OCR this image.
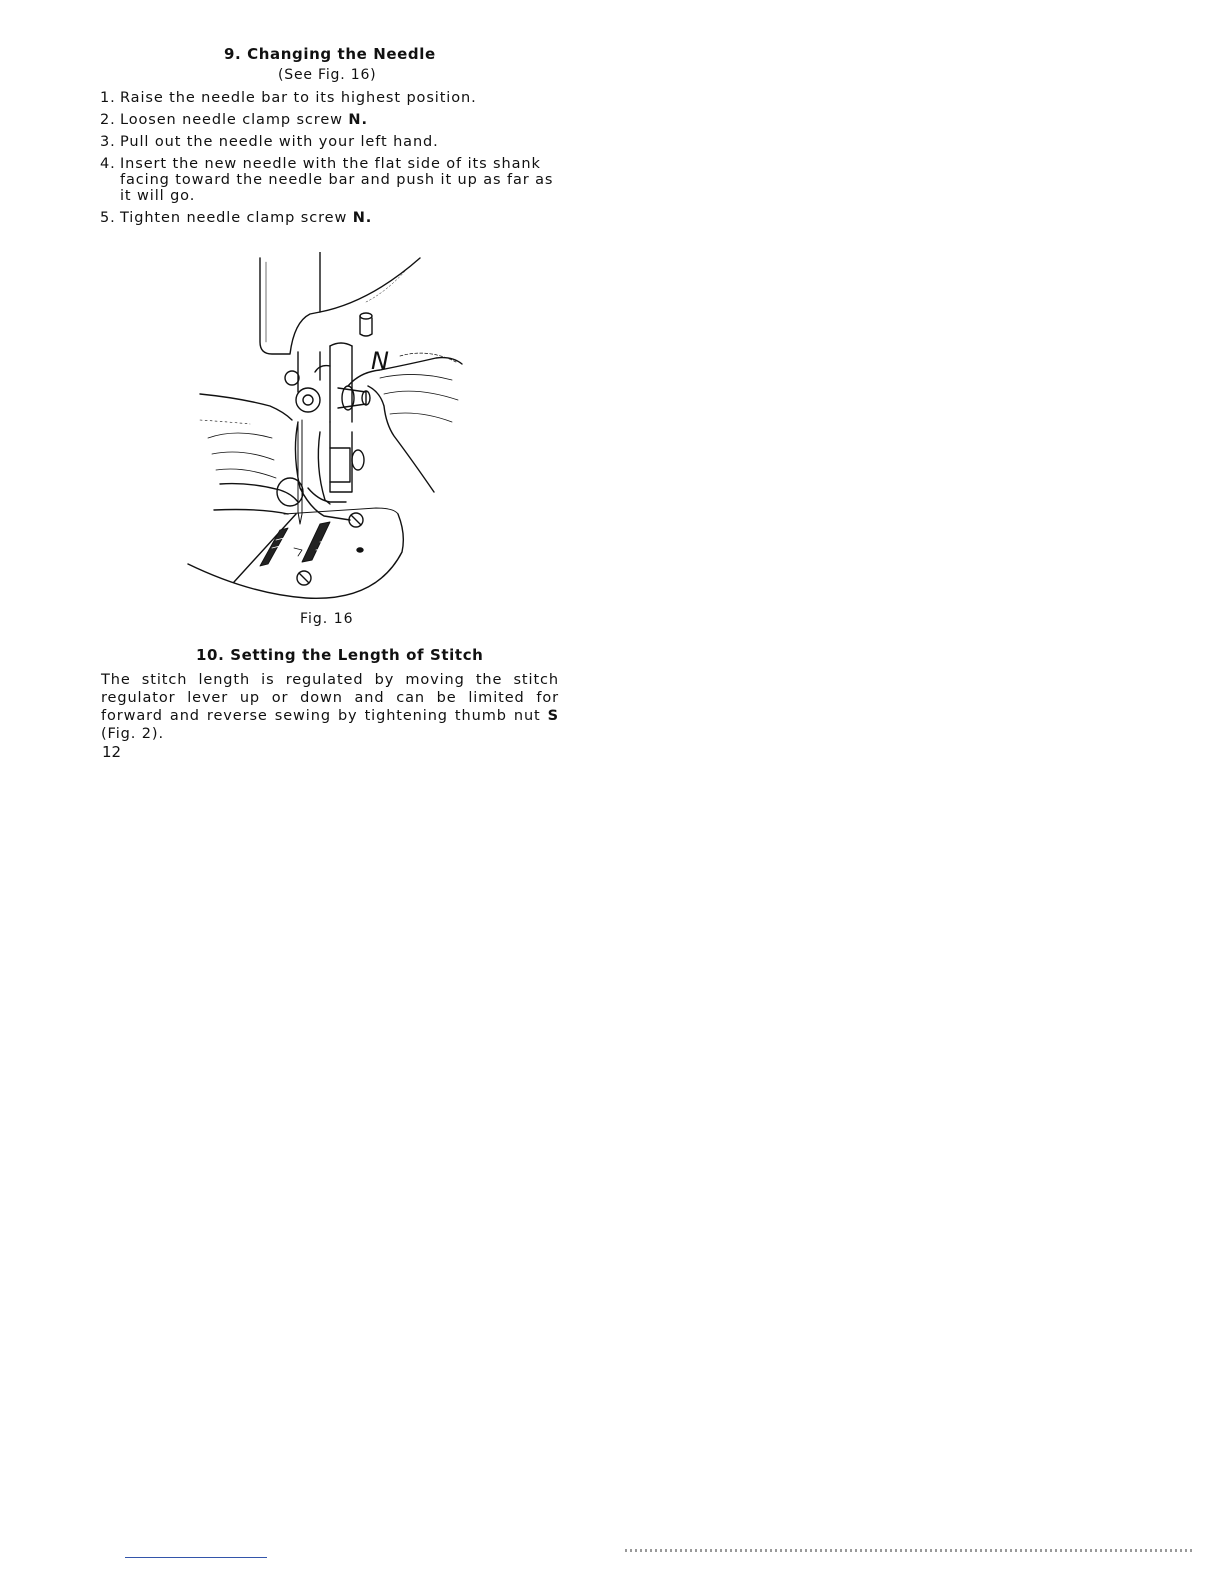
9. Changing the Needle
(See Fig. 16)
1. Raise the needle bar to its highest position.
2. Loosen needle clamp screw N.
3. Pull out the needle with your left hand.
4. Insert the new needle with the flat side of its shank facing toward the needle bar and push it up as far as it will go.
5. Tighten needle clamp screw N.
N
Fig. 16
10. Setting the Length of Stitch
The stitch length is regulated by moving the stitch regulator lever up or down and can be limited for forward and reverse sewing by tightening thumb nut S (Fig. 2).
12
